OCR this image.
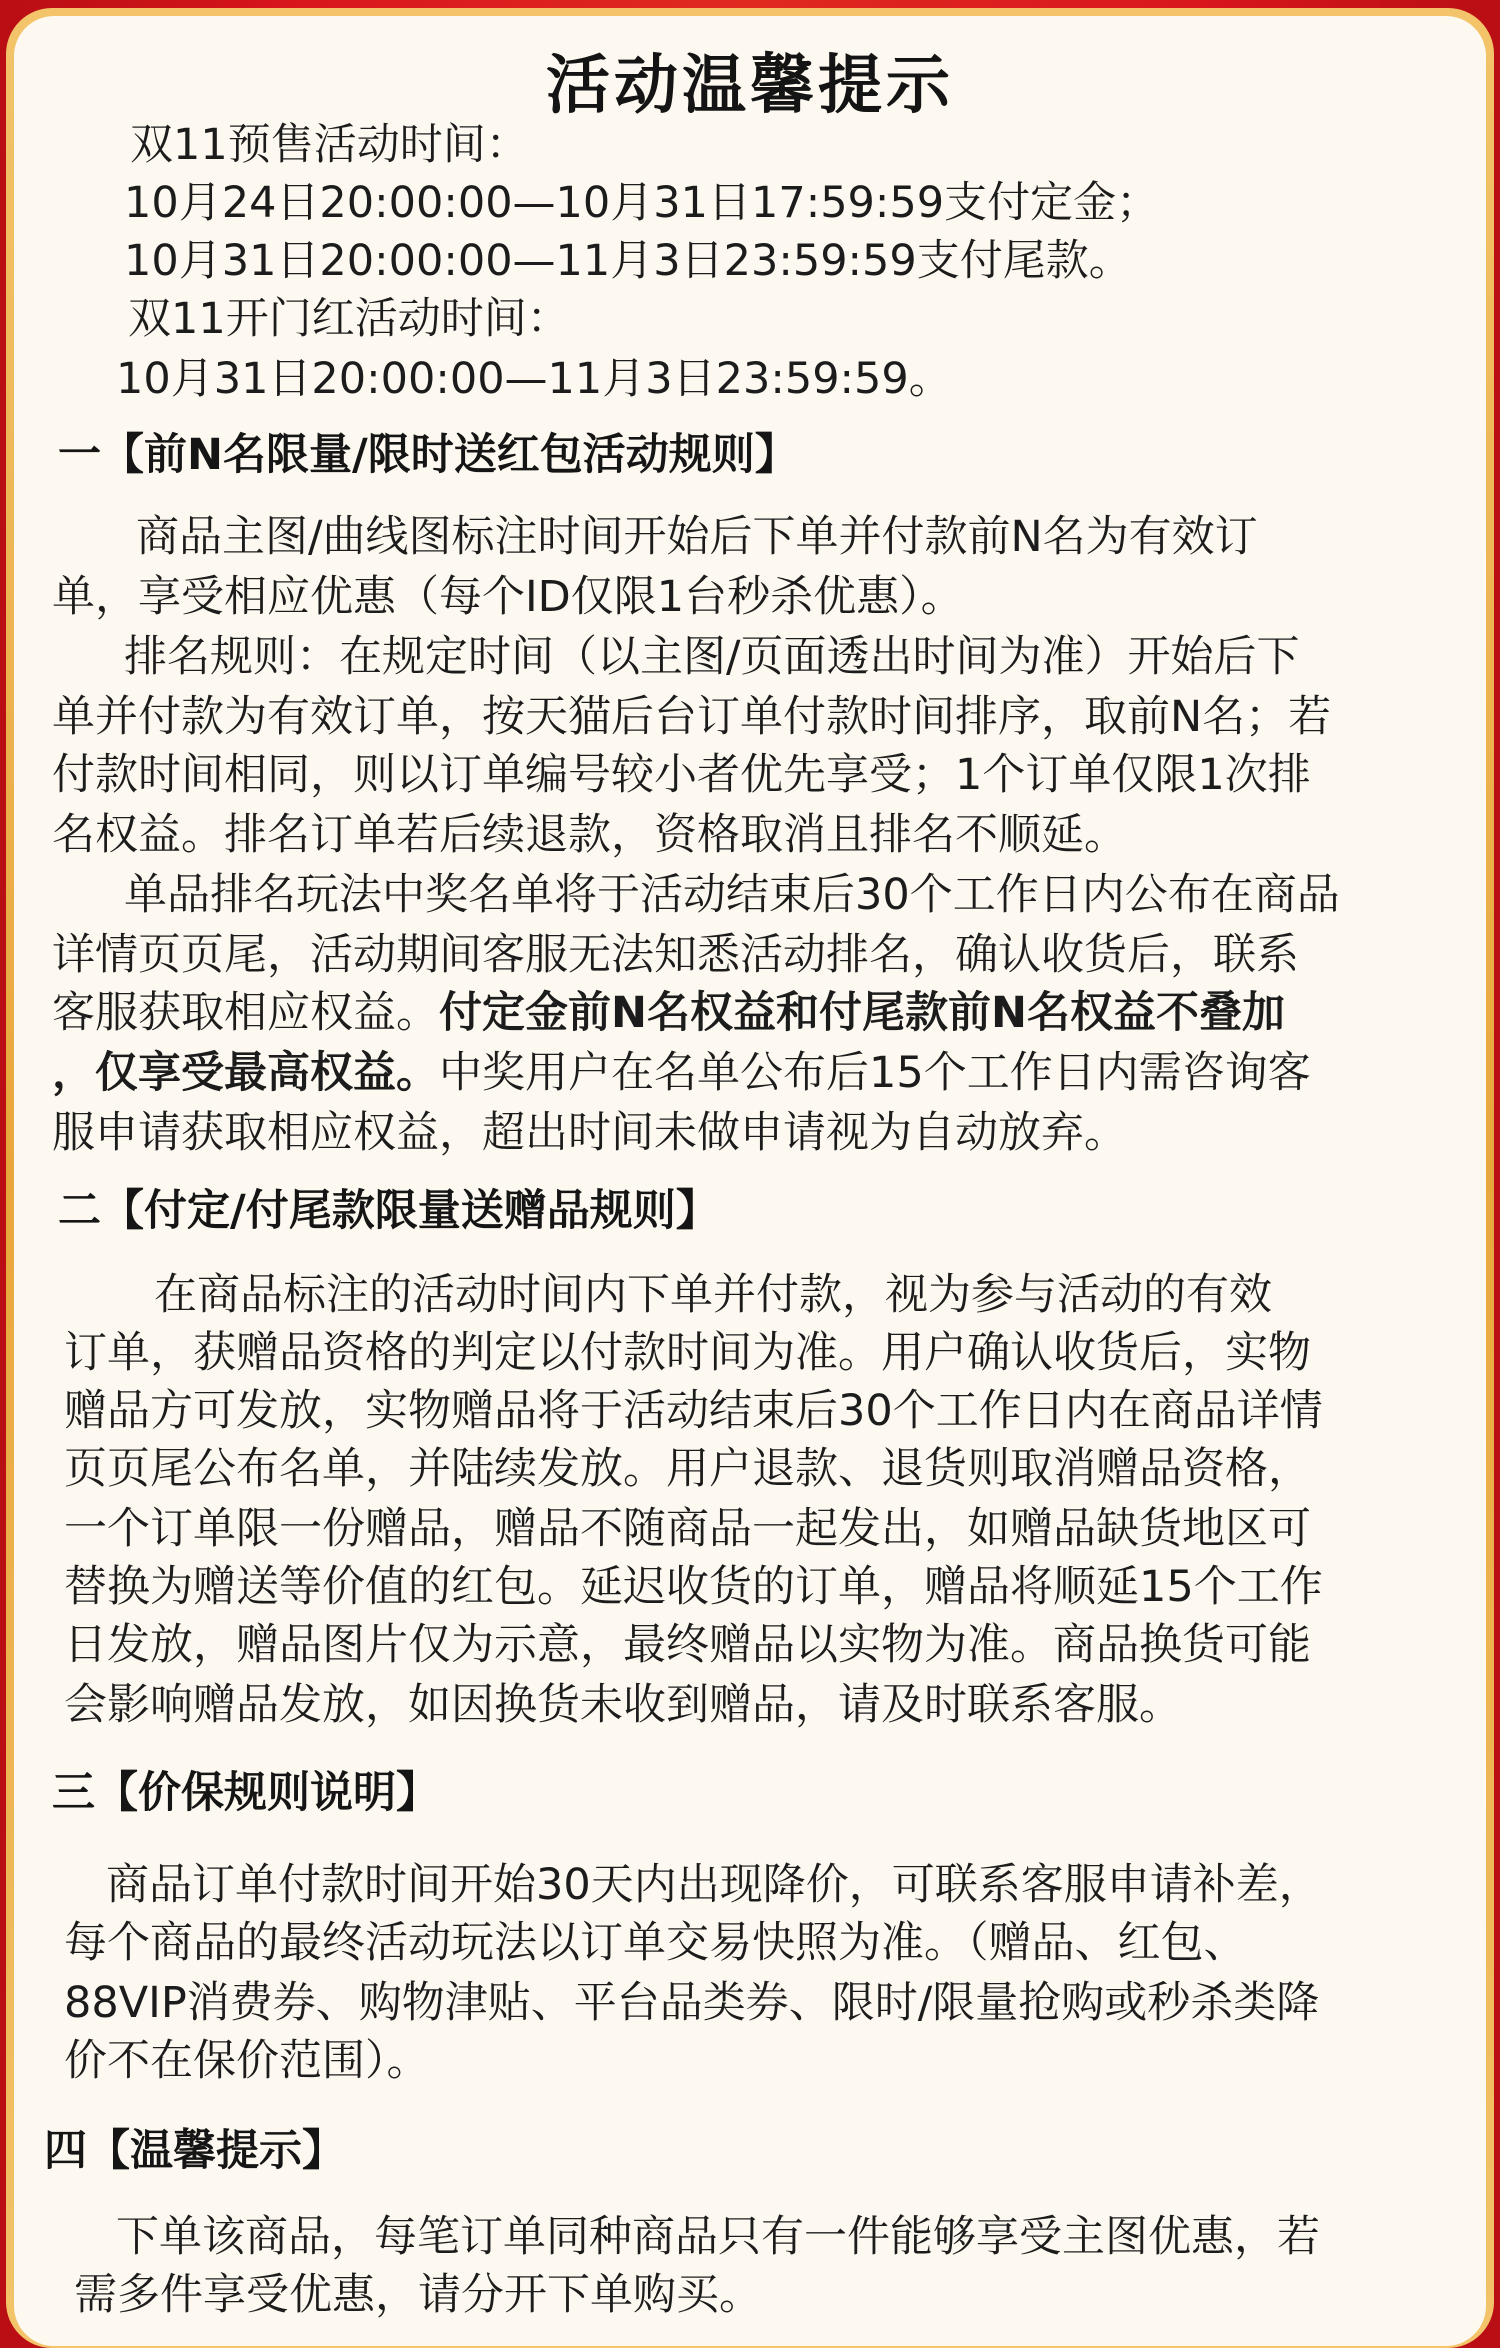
活动温馨提示
双11预售活动时间：
10月24日20:00:00—10月31日17:59:59支付定金；
10月31日20:00:00—11月3日23:59:59支付尾款。
双11开门红活动时间：
10月31日20:00:00—11月3日23:59:59。
一【前N名限量/限时送红包活动规则】
商品主图/曲线图标注时间开始后下单并付款前N名为有效订
单，享受相应优惠（每个ID仅限1台秒杀优惠）。
排名规则：在规定时间（以主图/页面透出时间为准）开始后下
单并付款为有效订单，按天猫后台订单付款时间排序，取前N名；若
付款时间相同，则以订单编号较小者优先享受；1个订单仅限1次排
名权益。排名订单若后续退款，资格取消且排名不顺延。
单品排名玩法中奖名单将于活动结束后30个工作日内公布在商品
详情页页尾，活动期间客服无法知悉活动排名，确认收货后，联系
客服获取相应权益。付定金前N名权益和付尾款前N名权益不叠加
，仅享受最高权益。中奖用户在名单公布后15个工作日内需咨询客
服申请获取相应权益，超出时间未做申请视为自动放弃。
二【付定/付尾款限量送赠品规则】
在商品标注的活动时间内下单并付款，视为参与活动的有效
订单，获赠品资格的判定以付款时间为准。用户确认收货后，实物
赠品方可发放，实物赠品将于活动结束后30个工作日内在商品详情
页页尾公布名单，并陆续发放。用户退款、退货则取消赠品资格，
一个订单限一份赠品，赠品不随商品一起发出，如赠品缺货地区可
替换为赠送等价值的红包。延迟收货的订单，赠品将顺延15个工作
日发放，赠品图片仅为示意，最终赠品以实物为准。商品换货可能
会影响赠品发放，如因换货未收到赠品，请及时联系客服。
三【价保规则说明】
商品订单付款时间开始30天内出现降价，可联系客服申请补差，
每个商品的最终活动玩法以订单交易快照为准。（赠品、红包、
88VIP消费券、购物津贴、平台品类券、限时/限量抢购或秒杀类降
价不在保价范围）。
四【温馨提示】
下单该商品，每笔订单同种商品只有一件能够享受主图优惠，若
需多件享受优惠，请分开下单购买。
